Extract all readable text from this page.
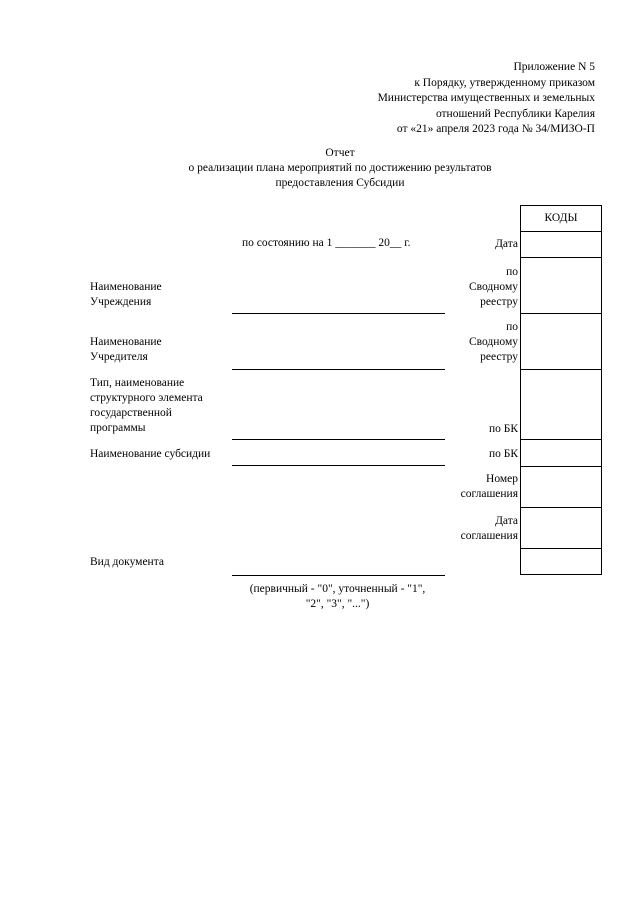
Приложение N 5
к Порядку, утвержденному приказом
Министерства имущественных и земельных
отношений Республики Карелия
от «21» апреля 2023 года № 34/МИЗО-П
Отчет
о реализации плана мероприятий по достижению результатов
предоставления Субсидии
КОДЫ
по состоянию на 1 _______ 20__ г.	Дата
по
Сводному
реестру
по
Сводному
реестру
по БК
по БК
Номер
соглашения
Дата
соглашения
Наименование
Учреждения
Наименование
Учредителя
Тип, наименование
структурного элемента
государственной
программы
Наименование субсидии
Вид документа
(первичный - "0", уточненный - "1",
"2", "3", "...")
